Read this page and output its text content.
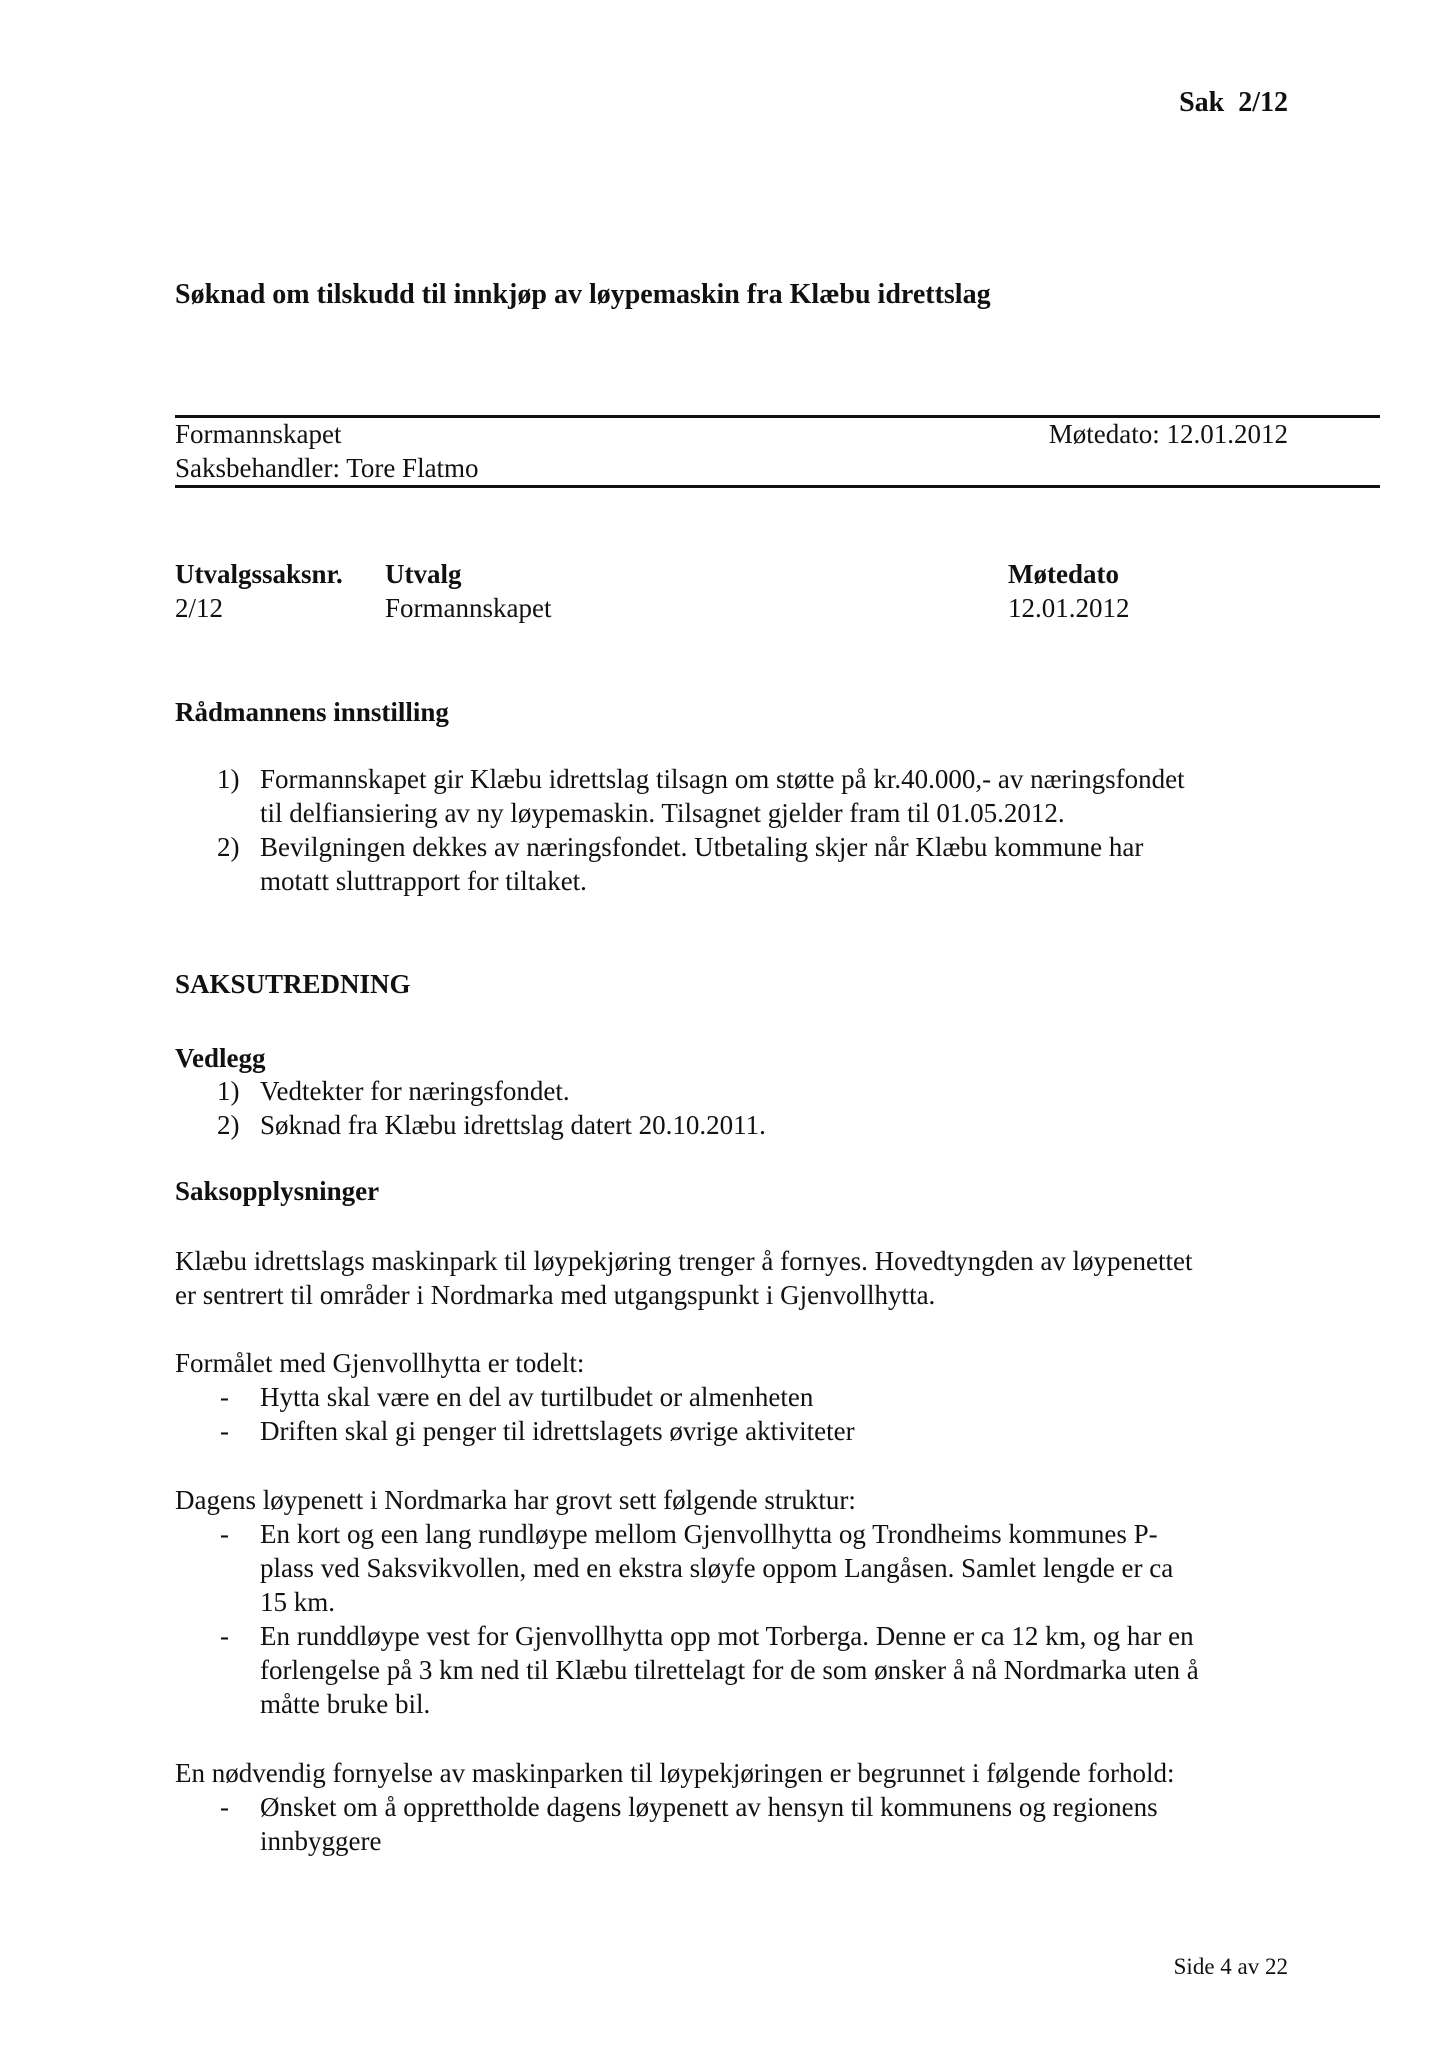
Sak  2/12
Søknad om tilskudd til innkjøp av løypemaskin fra Klæbu idrettslag
Formannskapet	Møtedato: 12.01.2012
Saksbehandler: Tore Flatmo
Utvalgssaksnr. Utvalg	Møtedato
2/12	Formannskapet	12.01.2012
Rådmannens innstilling
1) Formannskapet gir Klæbu idrettslag tilsagn om støtte på kr.40.000,- av næringsfondet
til delfiansiering av ny løypemaskin. Tilsagnet gjelder fram til 01.05.2012.
2) Bevilgningen dekkes av næringsfondet. Utbetaling skjer når Klæbu kommune har
motatt sluttrapport for tiltaket.
SAKSUTREDNING
Vedlegg
1) Vedtekter for næringsfondet.
2) Søknad fra Klæbu idrettslag datert 20.10.2011.
Saksopplysninger
Klæbu idrettslags maskinpark til løypekjøring trenger å fornyes. Hovedtyngden av løypenettet
er sentrert til områder i Nordmarka med utgangspunkt i Gjenvollhytta.
Formålet med Gjenvollhytta er todelt:
- Hytta skal være en del av turtilbudet or almenheten
- Driften skal gi penger til idrettslagets øvrige aktiviteter
Dagens løypenett i Nordmarka har grovt sett følgende struktur:
- En kort og een lang rundløype mellom Gjenvollhytta og Trondheims kommunes P-
plass ved Saksvikvollen, med en ekstra sløyfe oppom Langåsen. Samlet lengde er ca
15 km.
- En runddløype vest for Gjenvollhytta opp mot Torberga. Denne er ca 12 km, og har en
forlengelse på 3 km ned til Klæbu tilrettelagt for de som ønsker å nå Nordmarka uten å
måtte bruke bil.
En nødvendig fornyelse av maskinparken til løypekjøringen er begrunnet i følgende forhold:
- Ønsket om å opprettholde dagens løypenett av hensyn til kommunens og regionens
innbyggere
Side 4 av 22
